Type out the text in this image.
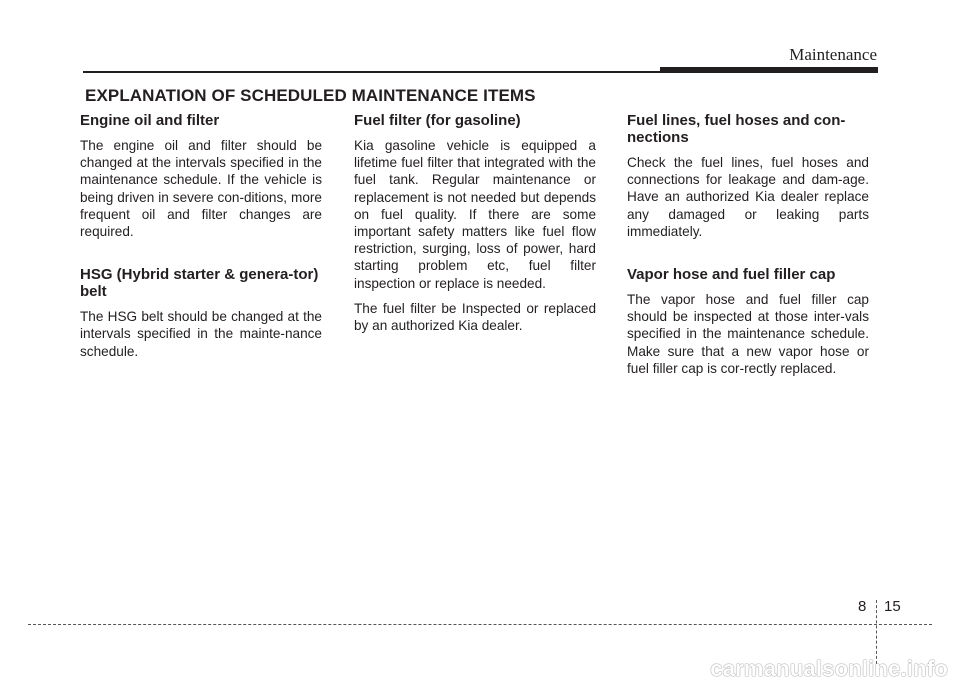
Maintenance
EXPLANATION OF SCHEDULED MAINTENANCE ITEMS
Engine oil and filter

The engine oil and filter should be changed at the intervals specified in the maintenance schedule. If the vehicle is being driven in severe con-ditions, more frequent oil and filter changes are required.

HSG (Hybrid starter & genera-tor) belt

The HSG belt should be changed at the intervals specified in the mainte-nance schedule.

Fuel filter (for gasoline)

Kia gasoline vehicle is equipped a lifetime fuel filter that integrated with the fuel tank. Regular maintenance or replacement is not needed but depends on fuel quality. If there are some important safety matters like fuel flow restriction, surging, loss of power, hard starting problem etc, fuel filter inspection or replace is needed.

The fuel filter be Inspected or replaced by an authorized Kia dealer.

Fuel lines, fuel hoses and con-nections

Check the fuel lines, fuel hoses and connections for leakage and dam-age. Have an authorized Kia dealer replace any damaged or leaking parts immediately.

Vapor hose and fuel filler cap

The vapor hose and fuel filler cap should be inspected at those inter-vals specified in the maintenance schedule. Make sure that a new vapor hose or fuel filler cap is cor-rectly replaced.

8 15
carmanualsonline.info
